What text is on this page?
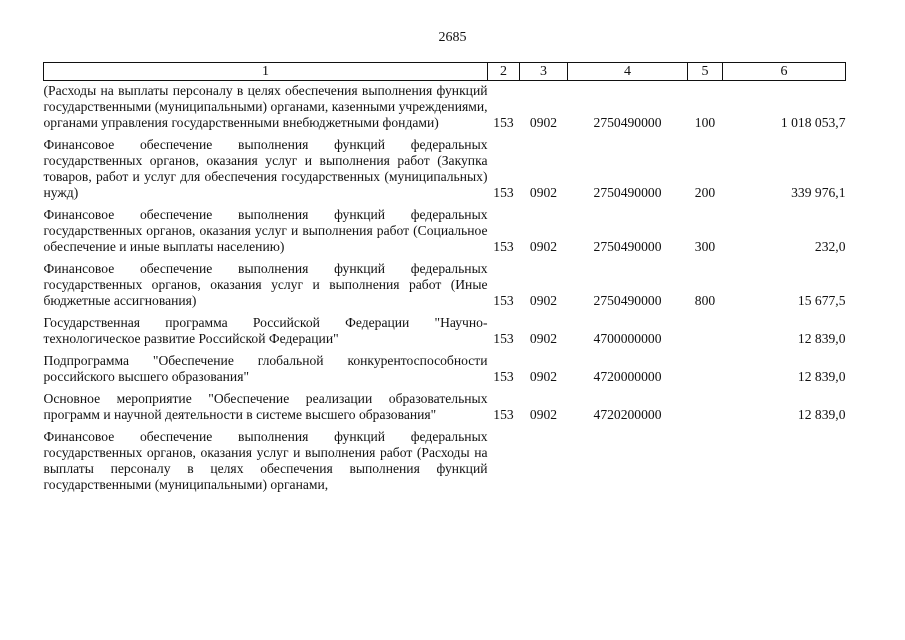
2685
1	2	3	4	5	6
(Расходы на выплаты персоналу в целях обеспечения выполнения функций государственными (муниципальными) органами, казенными учреждениями, органами управления государственными внебюджетными фондами)	153	0902	2750490000	100	1 018 053,7
Финансовое обеспечение выполнения функций федеральных государственных органов, оказания услуг и выполнения работ (Закупка товаров, работ и услуг для обеспечения государственных (муниципальных) нужд)	153	0902	2750490000	200	339 976,1
Финансовое обеспечение выполнения функций федеральных государственных органов, оказания услуг и выполнения работ (Социальное обеспечение и иные выплаты населению)	153	0902	2750490000	300	232,0
Финансовое обеспечение выполнения функций федеральных государственных органов, оказания услуг и выполнения работ (Иные бюджетные ассигнования)	153	0902	2750490000	800	15 677,5
Государственная программа Российской Федерации "Научно-технологическое развитие Российской Федерации"	153	0902	4700000000		12 839,0
Подпрограмма "Обеспечение глобальной конкурентоспособности российского высшего образования"	153	0902	4720000000		12 839,0
Основное мероприятие "Обеспечение реализации образовательных программ и научной деятельности в системе высшего образования"	153	0902	4720200000		12 839,0
Финансовое обеспечение выполнения функций федеральных государственных органов, оказания услуг и выполнения работ (Расходы на выплаты персоналу в целях обеспечения выполнения функций государственными (муниципальными) органами,					
